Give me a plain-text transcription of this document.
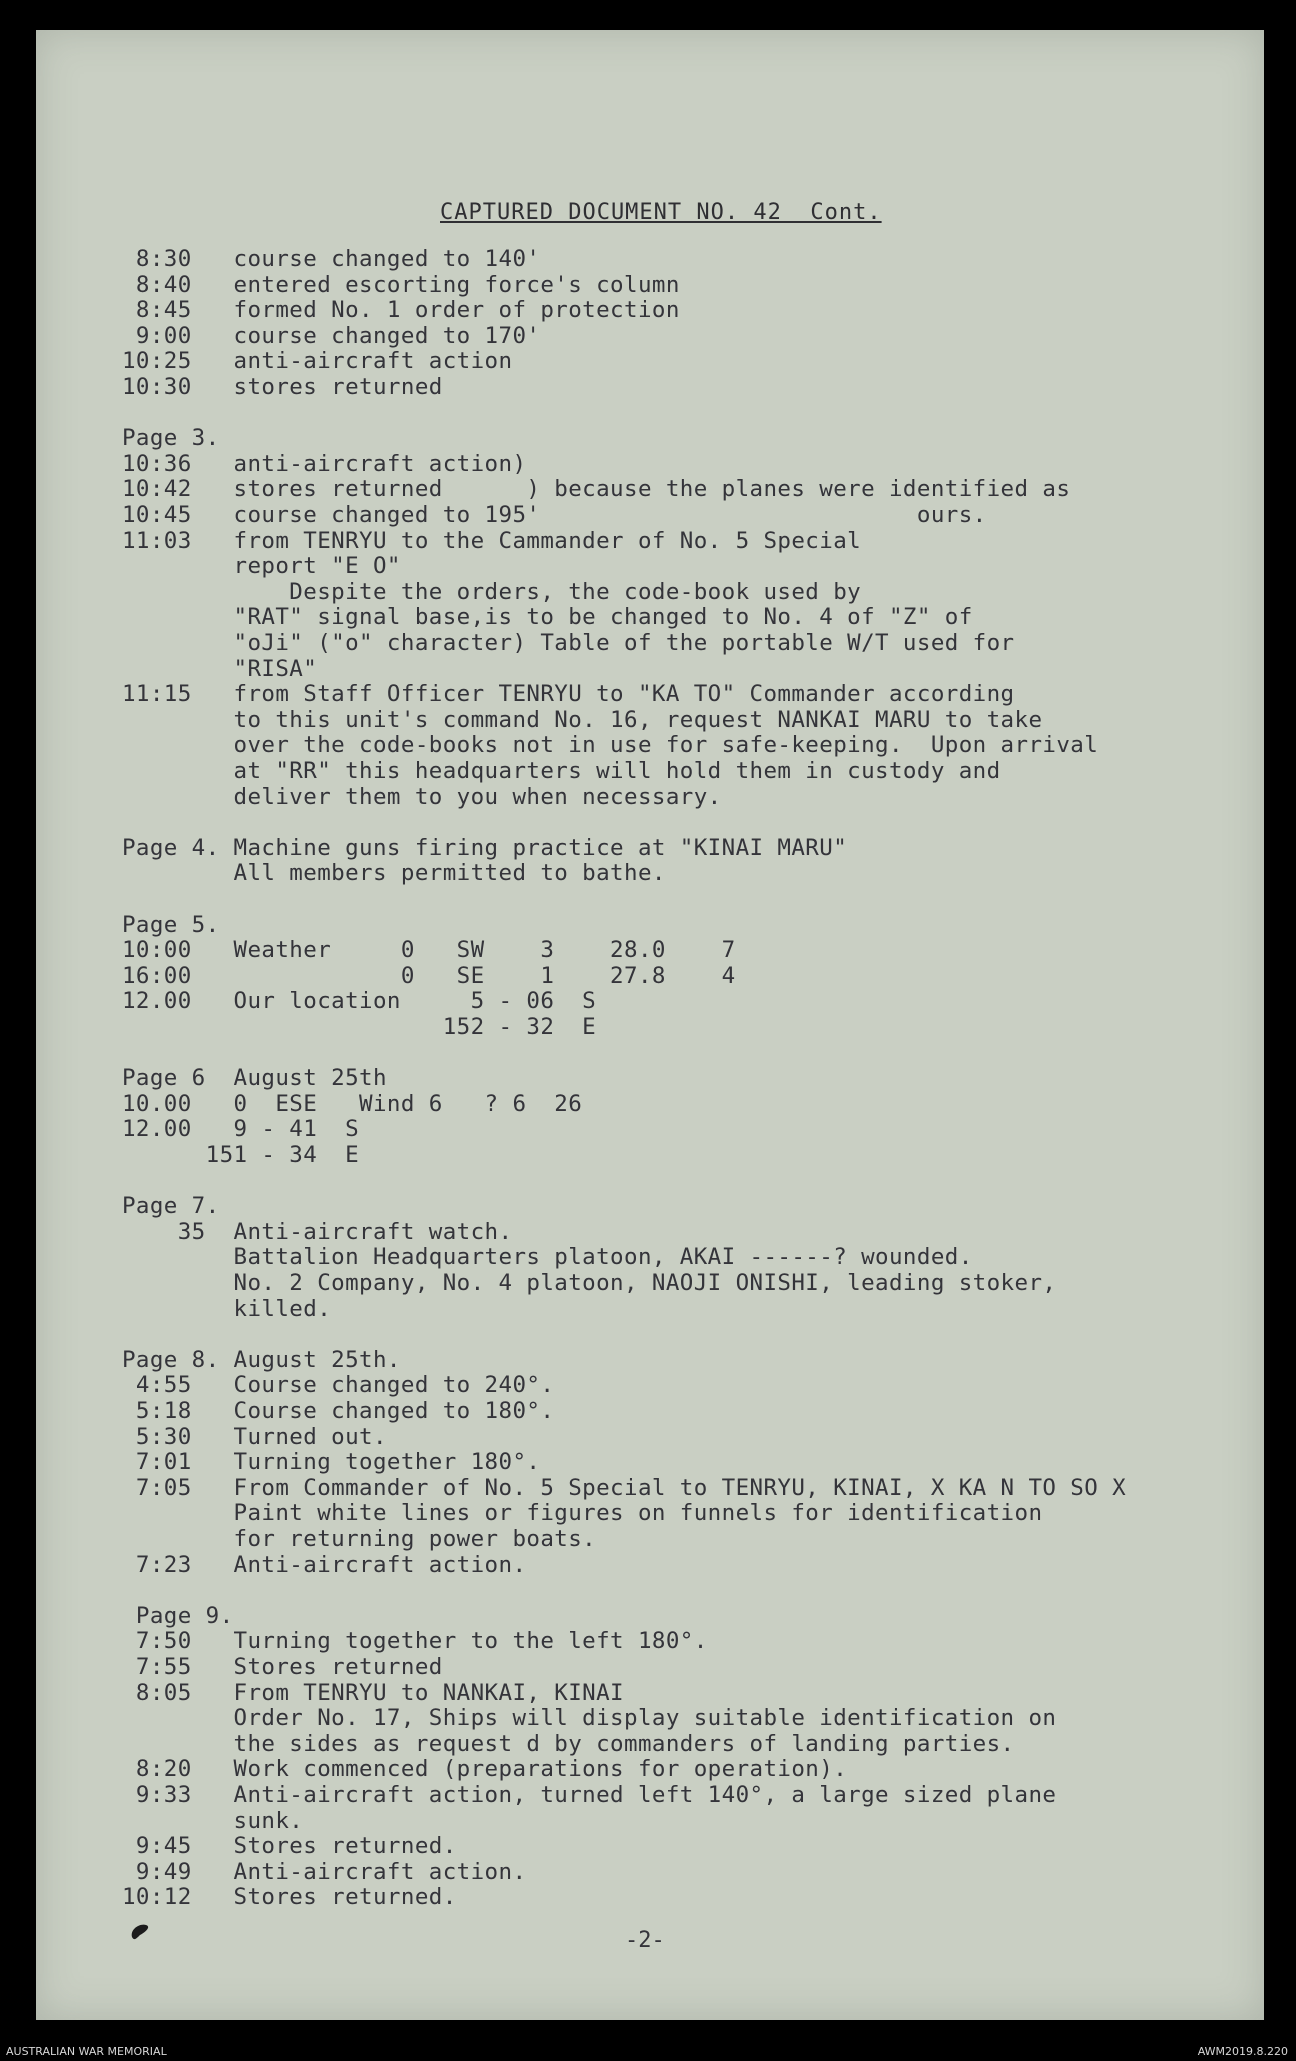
CAPTURED DOCUMENT NO. 42  Cont.
8:30   course changed to 140'
8:40   entered escorting force's column
8:45   formed No. 1 order of protection
9:00   course changed to 170'
10:25   anti-aircraft action
10:30   stores returned
Page 3.
10:36   anti-aircraft action)
10:42   stores returned      ) because the planes were identified as
10:45   course changed to 195'                           ours.
11:03   from TENRYU to the Cammander of No. 5 Special
report "E O"
Despite the orders, the code-book used by
"RAT" signal base,is to be changed to No. 4 of "Z" of
"oJi" ("o" character) Table of the portable W/T used for
"RISA"
11:15   from Staff Officer TENRYU to "KA TO" Commander according
to this unit's command No. 16, request NANKAI MARU to take
over the code-books not in use for safe-keeping.  Upon arrival
at "RR" this headquarters will hold them in custody and
deliver them to you when necessary.
Page 4. Machine guns firing practice at "KINAI MARU"
All members permitted to bathe.
Page 5.
10:00   Weather     0   SW    3    28.0    7
16:00               0   SE    1    27.8    4
12.00   Our location     5 - 06  S
152 - 32  E
Page 6  August 25th
10.00   0  ESE   Wind 6   ? 6  26
12.00   9 - 41  S
151 - 34  E
Page 7.
35  Anti-aircraft watch.
Battalion Headquarters platoon, AKAI ------? wounded.
No. 2 Company, No. 4 platoon, NAOJI ONISHI, leading stoker,
killed.
Page 8. August 25th.
4:55   Course changed to 240°.
5:18   Course changed to 180°.
5:30   Turned out.
7:01   Turning together 180°.
7:05   From Commander of No. 5 Special to TENRYU, KINAI, X KA N TO SO X
Paint white lines or figures on funnels for identification
for returning power boats.
7:23   Anti-aircraft action.
Page 9.
7:50   Turning together to the left 180°.
7:55   Stores returned
8:05   From TENRYU to NANKAI, KINAI
Order No. 17, Ships will display suitable identification on
the sides as request d by commanders of landing parties.
8:20   Work commenced (preparations for operation).
9:33   Anti-aircraft action, turned left 140°, a large sized plane
sunk.
9:45   Stores returned.
9:49   Anti-aircraft action.
10:12   Stores returned.
-2-
AUSTRALIAN WAR MEMORIAL	AWM2019.8.220
